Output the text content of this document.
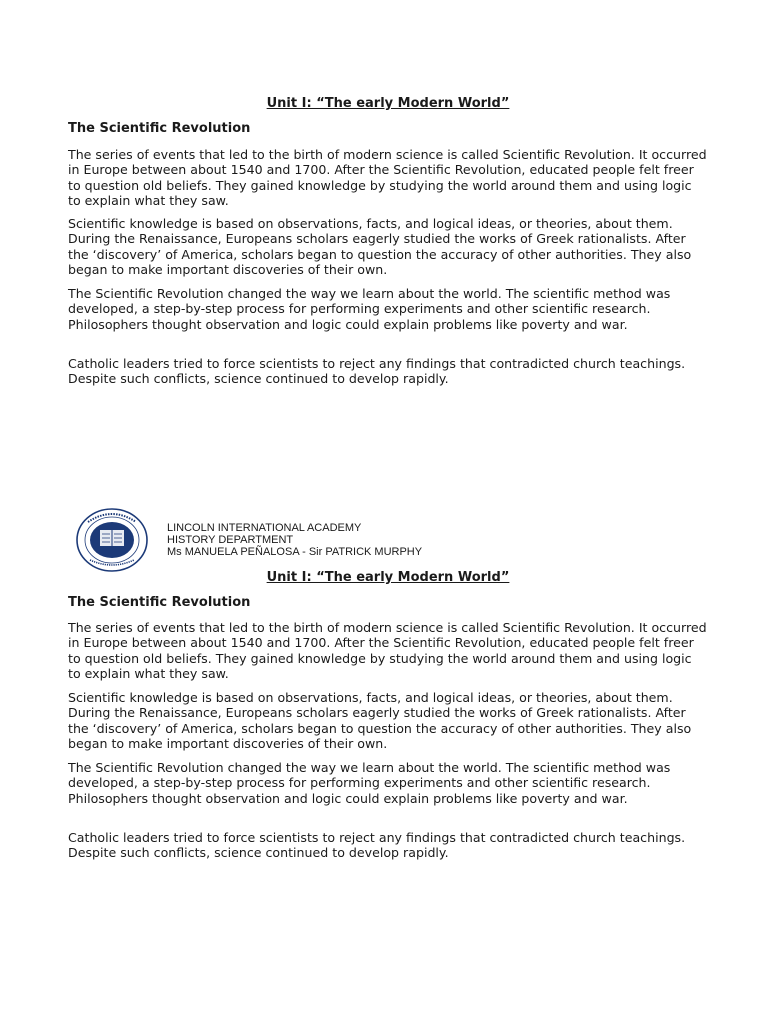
Unit I: “The early Modern World”

The Scientific Revolution

The series of events that led to the birth of modern science is called Scientific Revolution. It occurred in Europe between about 1540 and 1700. After the Scientific Revolution, educated people felt freer to question old beliefs. They gained knowledge by studying the world around them and using logic to explain what they saw.

Scientific knowledge is based on observations, facts, and logical ideas, or theories, about them. During the Renaissance, Europeans scholars eagerly studied the works of Greek rationalists. After the ‘discovery’ of America, scholars began to question the accuracy of other authorities. They also began to make important discoveries of their own.

The Scientific Revolution changed the way we learn about the world. The scientific method was developed, a step-by-step process for performing experiments and other scientific research. Philosophers thought observation and logic could explain problems like poverty and war.

Catholic leaders tried to force scientists to reject any findings that contradicted church teachings. Despite such conflicts, science continued to develop rapidly.

LINCOLN INTERNATIONAL ACADEMY
HISTORY DEPARTMENT
Ms MANUELA PEÑALOSA - Sir PATRICK MURPHY

Unit I: “The early Modern World”

The Scientific Revolution

The series of events that led to the birth of modern science is called Scientific Revolution. It occurred in Europe between about 1540 and 1700. After the Scientific Revolution, educated people felt freer to question old beliefs. They gained knowledge by studying the world around them and using logic to explain what they saw.

Scientific knowledge is based on observations, facts, and logical ideas, or theories, about them. During the Renaissance, Europeans scholars eagerly studied the works of Greek rationalists. After the ‘discovery’ of America, scholars began to question the accuracy of other authorities. They also began to make important discoveries of their own.

The Scientific Revolution changed the way we learn about the world. The scientific method was developed, a step-by-step process for performing experiments and other scientific research. Philosophers thought observation and logic could explain problems like poverty and war.

Catholic leaders tried to force scientists to reject any findings that contradicted church teachings. Despite such conflicts, science continued to develop rapidly.
